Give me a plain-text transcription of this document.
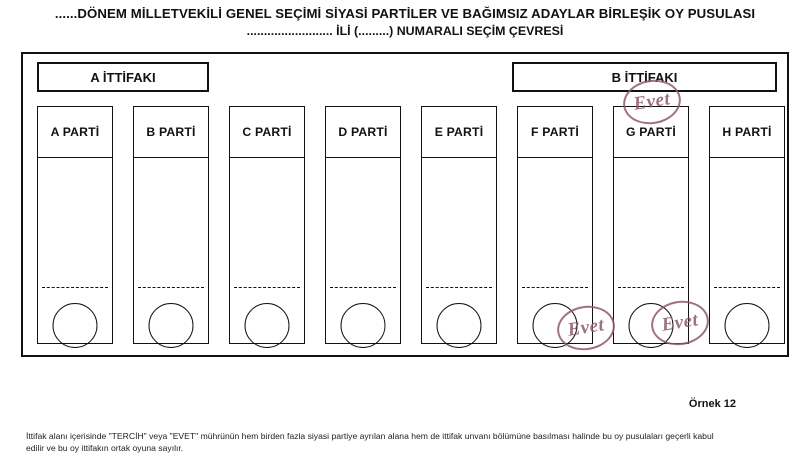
......DÖNEM MİLLETVEKİLİ GENEL SEÇİMİ SİYASİ PARTİLER VE BAĞIMSIZ ADAYLAR BİRLEŞİK OY PUSULASI
......................... İLİ (.........) NUMARALI SEÇİM ÇEVRESİ
A İTTİFAKI	B İTTİFAKI
A PARTİ	B PARTİ	C PARTİ	D PARTİ	E PARTİ	F PARTİ	G PARTİ	H PARTİ
Evet
Evet	Evet
Örnek 12
İttifak alanı içerisinde "TERCİH" veya "EVET" mührünün hem birden fazla siyasi partiye ayrılan alana hem de ittifak unvanı bölümüne basılması halinde bu oy pusulaları geçerli kabul edilir ve bu oy ittifakın ortak oyuna sayılır.
